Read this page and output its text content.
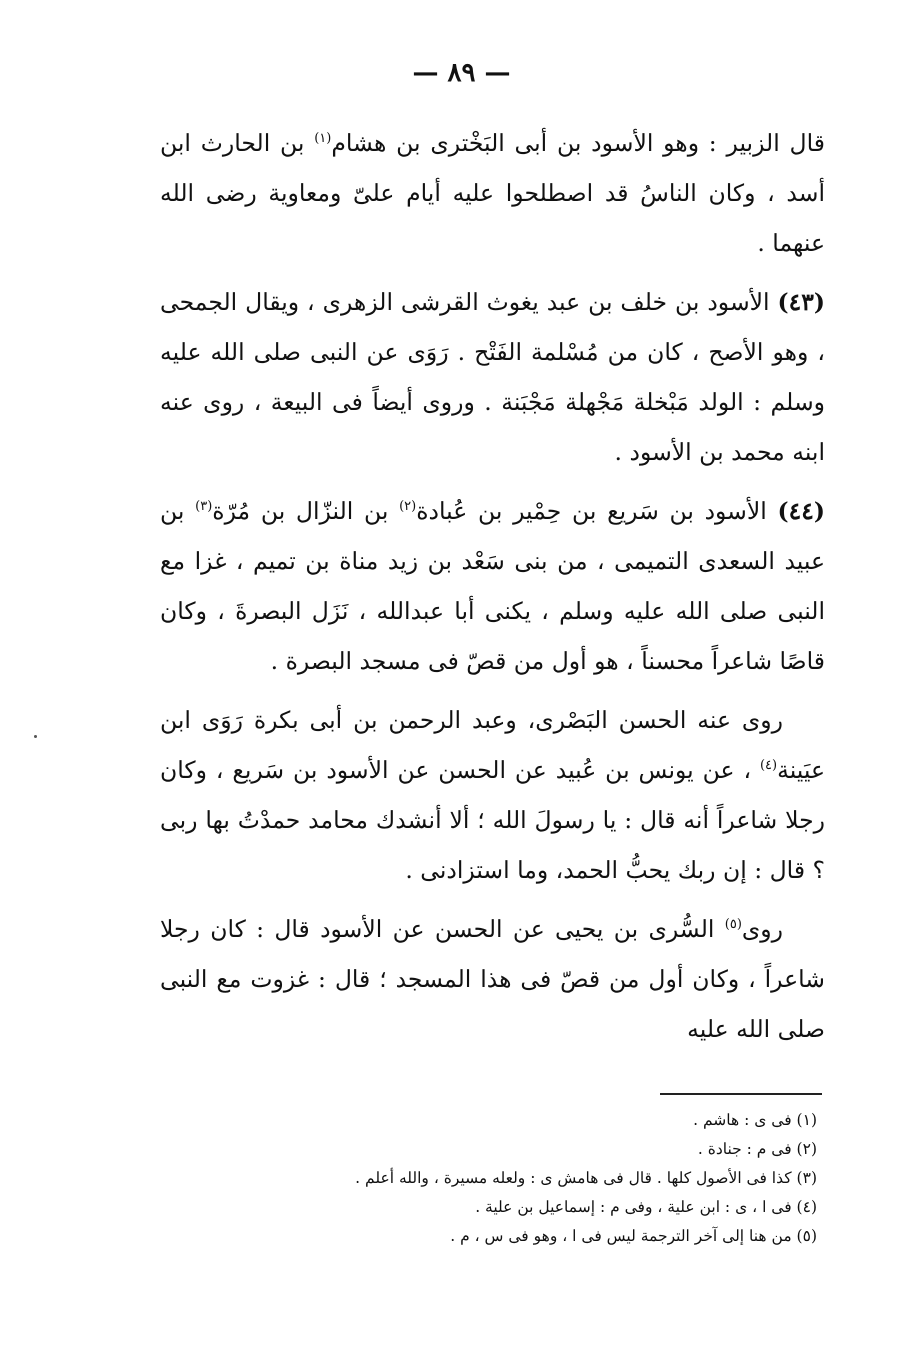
— ٨٩ —

قال الزبير : وهو الأسود بن أبى البَخْترى بن هشام$^{(١)}$ بن الحارث ابن أسد ، وكان الناسُ قد اصطلحوا عليه أيام علىّ ومعاوية رضى الله عنهما .

(٤٣) الأسود بن خلف بن عبد يغوث القرشى الزهرى ، ويقال الجمحى ، وهو الأصح ، كان من مُسْلمة الفَتْح . رَوَى عن النبى صلى الله عليه وسلم : الولد مَبْخلة مَجْهلة مَجْبَنة . وروى أيضاً فى البيعة ، روى عنه ابنه محمد بن الأسود .

(٤٤) الأسود بن سَريع بن حِمْير بن عُبادة$^{(٢)}$ بن النزّال بن مُرّة$^{(٣)}$ بن عبيد السعدى التميمى ، من بنى سَعْد بن زيد مناة بن تميم ، غزا مع النبى صلى الله عليه وسلم ، يكنى أبا عبدالله ، نَزَل البصرةَ ، وكان قاصًا شاعراً محسناً ، هو أول من قصّ فى مسجد البصرة .

روى عنه الحسن البَصْرى، وعبد الرحمن بن أبى بكرة رَوَى ابن عيَينة$^{(٤)}$ ، عن يونس بن عُبيد عن الحسن عن الأسود بن سَريع ، وكان رجلا شاعراً أنه قال : يا رسولَ الله ؛ ألا أنشدك محامد حمدْتُ بها ربى ؟ قال : إن ربك يحبُّ الحمد، وما استزادنى .

روى$^{(٥)}$ السُّرى بن يحيى عن الحسن عن الأسود قال : كان رجلا شاعراً ، وكان أول من قصّ فى هذا المسجد ؛ قال : غزوت مع النبى صلى الله عليه

(١) فى ى : هاشم .

(٢) فى م : جنادة .

(٣) كذا فى الأصول كلها . قال فى هامش ى : ولعله مسيرة ، والله أعلم .

(٤) فى ا ، ى : ابن علية ، وفى م : إسماعيل بن علية .

(٥) من هنا إلى آخر الترجمة ليس فى ا ، وهو فى س ، م .
